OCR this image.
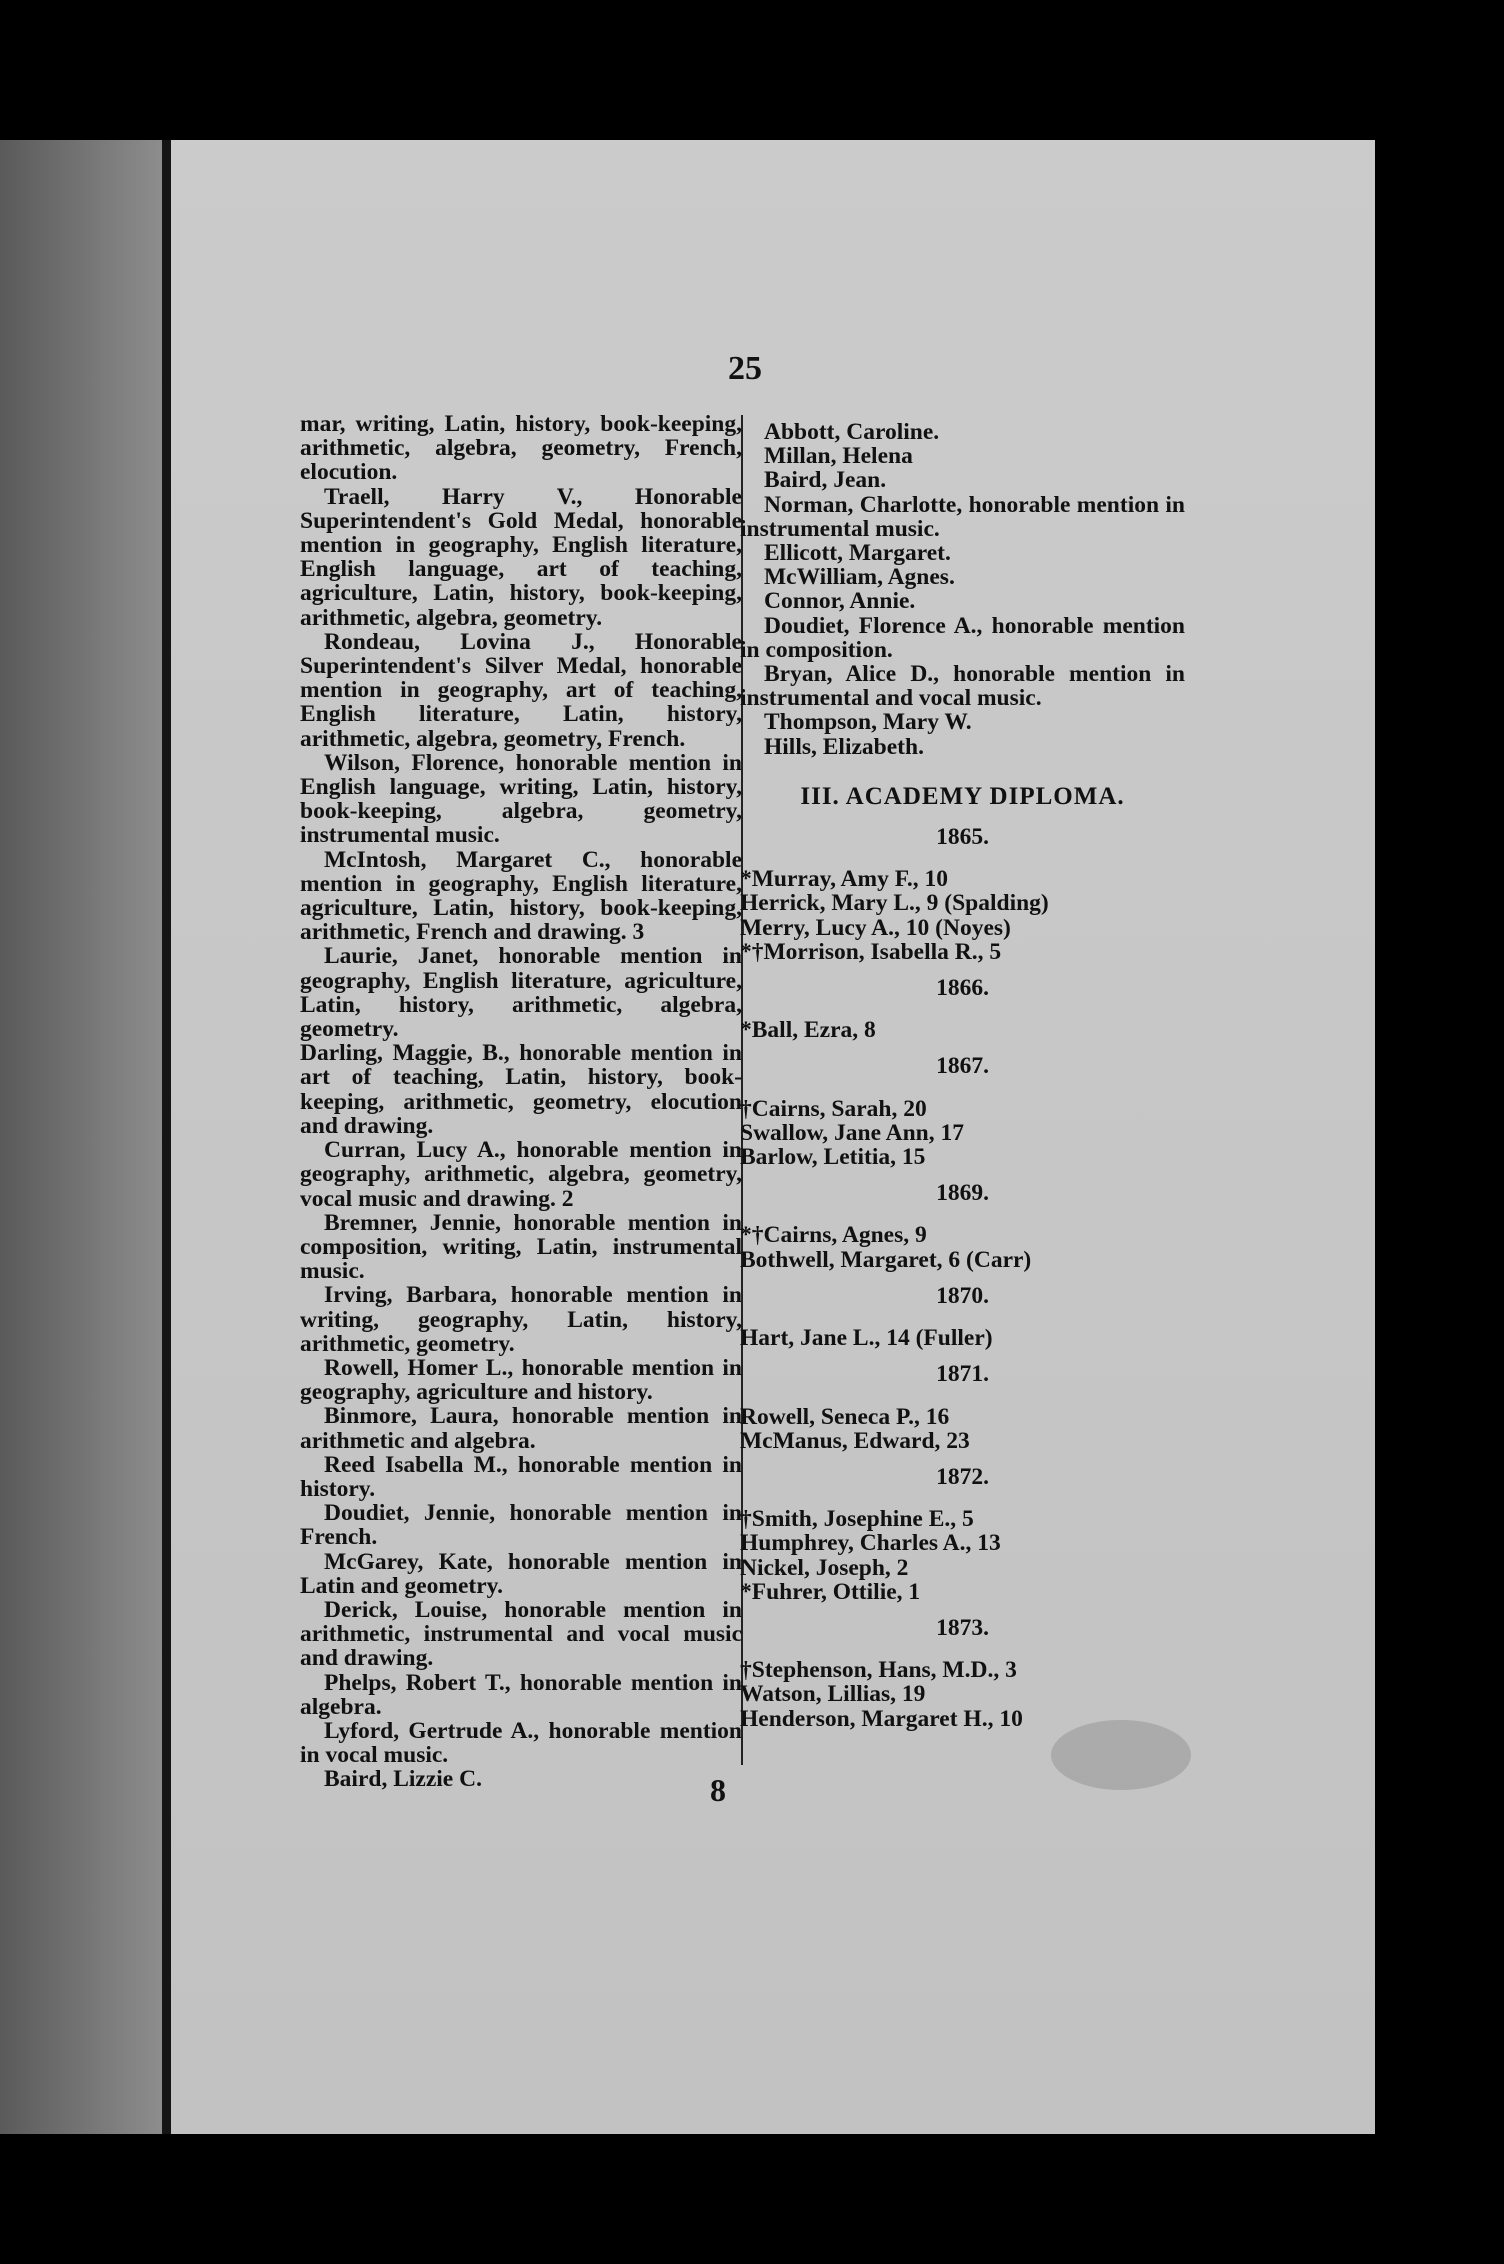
25

mar, writing, Latin, history, book-keeping, arithmetic, algebra, geometry, French, elocution.

Traell, Harry V., Honorable Superintendent's Gold Medal, honorable mention in geography, English literature, English language, art of teaching, agriculture, Latin, history, book-keeping, arithmetic, algebra, geometry.

Rondeau, Lovina J., Honorable Superintendent's Silver Medal, honorable mention in geography, art of teaching, English literature, Latin, history, arithmetic, algebra, geometry, French.

Wilson, Florence, honorable mention in English language, writing, Latin, history, book-keeping, algebra, geometry, instrumental music.

McIntosh, Margaret C., honorable mention in geography, English literature, agriculture, Latin, history, book-keeping, arithmetic, French and drawing. 3

Laurie, Janet, honorable mention in geography, English literature, agriculture, Latin, history, arithmetic, algebra, geometry.

Darling, Maggie, B., honorable mention in art of teaching, Latin, history, book-keeping, arithmetic, geometry, elocution and drawing.

Curran, Lucy A., honorable mention in geography, arithmetic, algebra, geometry, vocal music and drawing. 2

Bremner, Jennie, honorable mention in composition, writing, Latin, instrumental music.

Irving, Barbara, honorable mention in writing, geography, Latin, history, arithmetic, geometry.

Rowell, Homer L., honorable mention in geography, agriculture and history.

Binmore, Laura, honorable mention in arithmetic and algebra.

Reed Isabella M., honorable mention in history.

Doudiet, Jennie, honorable mention in French.

McGarey, Kate, honorable mention in Latin and geometry.

Derick, Louise, honorable mention in arithmetic, instrumental and vocal music and drawing.

Phelps, Robert T., honorable mention in algebra.

Lyford, Gertrude A., honorable mention in vocal music.

Baird, Lizzie C.

Abbott, Caroline.

Millan, Helena

Baird, Jean.

Norman, Charlotte, honorable mention in instrumental music.

Ellicott, Margaret.

McWilliam, Agnes.

Connor, Annie.

Doudiet, Florence A., honorable mention in composition.

Bryan, Alice D., honorable mention in instrumental and vocal music.

Thompson, Mary W.

Hills, Elizabeth.

III. ACADEMY DIPLOMA.

1865.

*Murray, Amy F., 10

Herrick, Mary L., 9 (Spalding)

Merry, Lucy A., 10 (Noyes)

*†Morrison, Isabella R., 5

1866.

*Ball, Ezra, 8

1867.

†Cairns, Sarah, 20

Swallow, Jane Ann, 17

Barlow, Letitia, 15

1869.

*†Cairns, Agnes, 9

Bothwell, Margaret, 6 (Carr)

1870.

Hart, Jane L., 14 (Fuller)

1871.

Rowell, Seneca P., 16

McManus, Edward, 23

1872.

†Smith, Josephine E., 5

Humphrey, Charles A., 13

Nickel, Joseph, 2

*Fuhrer, Ottilie, 1

1873.

†Stephenson, Hans, M.D., 3

Watson, Lillias, 19

Henderson, Margaret H., 10

8
